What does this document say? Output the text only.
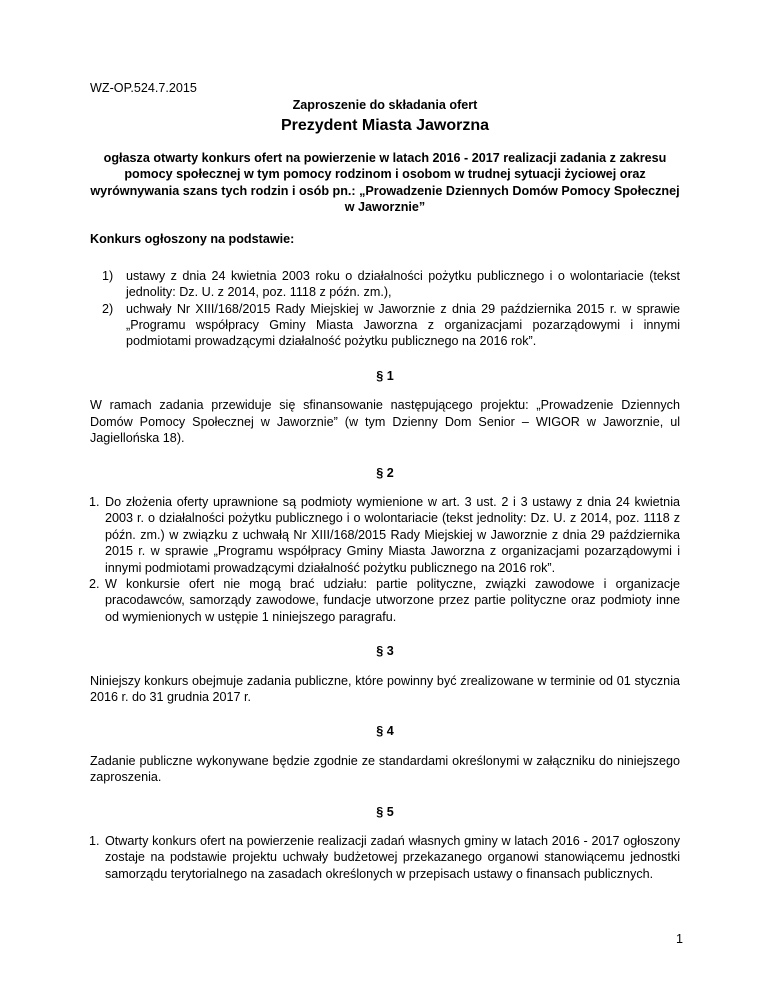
WZ-OP.524.7.2015
Zaproszenie do składania ofert
Prezydent Miasta Jaworzna
ogłasza otwarty konkurs ofert na powierzenie w latach 2016 - 2017 realizacji zadania z zakresu pomocy społecznej w tym pomocy rodzinom i osobom w trudnej sytuacji życiowej oraz wyrównywania szans tych rodzin i osób pn.: „Prowadzenie Dziennych Domów Pomocy Społecznej w Jaworznie”
Konkurs ogłoszony na podstawie:
1)	ustawy z dnia 24 kwietnia 2003 roku o działalności pożytku publicznego i o wolontariacie (tekst jednolity: Dz. U. z 2014, poz. 1118 z późn. zm.),
2)	uchwały Nr XIII/168/2015 Rady Miejskiej w Jaworznie z dnia 29 października 2015 r. w sprawie „Programu współpracy Gminy Miasta Jaworzna z organizacjami pozarządowymi i innymi podmiotami prowadzącymi działalność pożytku publicznego na 2016 rok”.
§ 1

W ramach zadania przewiduje się sfinansowanie następującego projektu: „Prowadzenie Dziennych Domów Pomocy Społecznej w Jaworznie” (w tym Dzienny Dom Senior – WIGOR w Jaworznie, ul Jagiellońska 18).

§ 2
1. Do złożenia oferty uprawnione są podmioty wymienione w art. 3 ust. 2 i 3 ustawy z dnia 24 kwietnia 2003 r. o działalności pożytku publicznego i o wolontariacie (tekst jednolity: Dz. U. z 2014, poz. 1118 z późn. zm.) w związku z uchwałą Nr XIII/168/2015 Rady Miejskiej w Jaworznie z dnia 29 października 2015 r. w sprawie „Programu współpracy Gminy Miasta Jaworzna z organizacjami pozarządowymi i innymi podmiotami prowadzącymi działalność pożytku publicznego na 2016 rok”.
2. W konkursie ofert nie mogą brać udziału: partie polityczne, związki zawodowe i organizacje pracodawców, samorządy zawodowe, fundacje utworzone przez partie polityczne oraz podmioty inne od wymienionych w ustępie 1 niniejszego paragrafu.
§ 3

Niniejszy konkurs obejmuje zadania publiczne, które powinny być zrealizowane w terminie od 01 stycznia 2016 r. do 31 grudnia 2017 r.

§ 4

Zadanie publiczne wykonywane będzie zgodnie ze standardami określonymi w załączniku do niniejszego zaproszenia.

§ 5
1. Otwarty konkurs ofert na powierzenie realizacji zadań własnych gminy w latach 2016 - 2017 ogłoszony zostaje na podstawie projektu uchwały budżetowej przekazanego organowi stanowiącemu jednostki samorządu terytorialnego na zasadach określonych w przepisach ustawy o finansach publicznych.
1
